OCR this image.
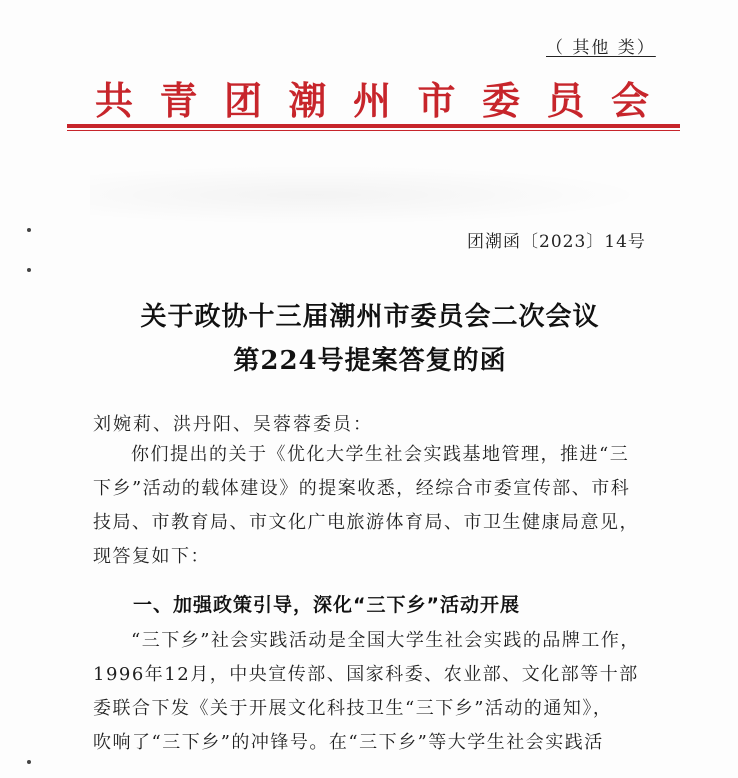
（ 其他 类）
共青团潮州市委员会
团潮函〔2023〕14号
关于政协十三届潮州市委员会二次会议
第224号提案答复的函
刘婉莉、洪丹阳、吴蓉蓉委员：
你们提出的关于《优化大学生社会实践基地管理，推进“三
下乡”活动的载体建设》的提案收悉，经综合市委宣传部、市科
技局、市教育局、市文化广电旅游体育局、市卫生健康局意见，
现答复如下：
一、加强政策引导，深化“三下乡”活动开展
“三下乡”社会实践活动是全国大学生社会实践的品牌工作，
1996年12月，中央宣传部、国家科委、农业部、文化部等十部
委联合下发《关于开展文化科技卫生“三下乡”活动的通知》，
吹响了“三下乡”的冲锋号。在“三下乡”等大学生社会实践活
